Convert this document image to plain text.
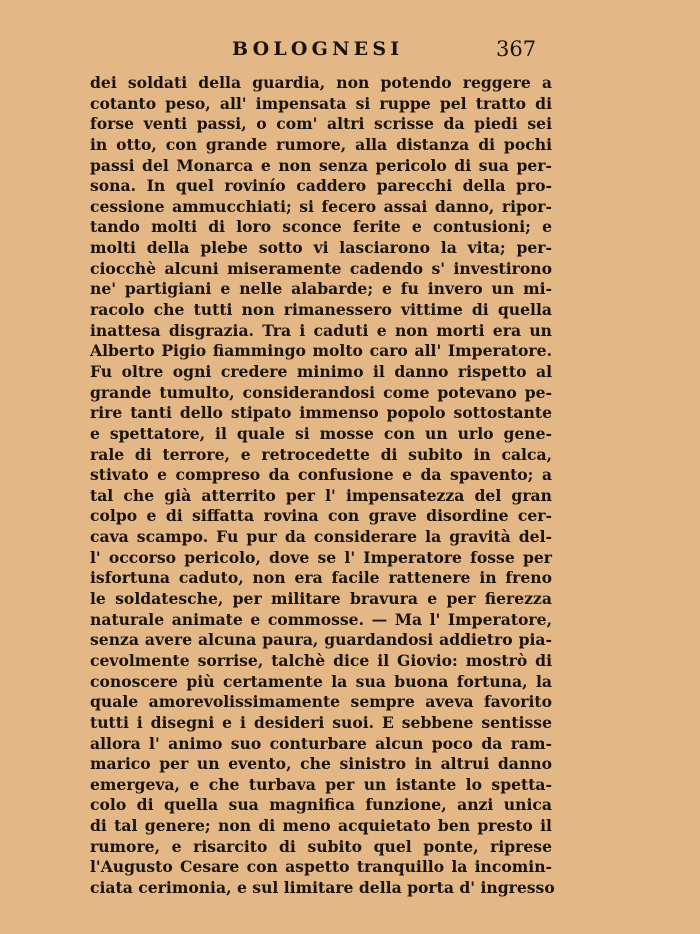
BOLOGNESI	367
dei soldati della guardia, non potendo reggere a
cotanto peso, all' impensata si ruppe pel tratto di
forse venti passi, o com' altri scrisse da piedi sei
in otto, con grande rumore, alla distanza di pochi
passi del Monarca e non senza pericolo di sua per-
sona. In quel rovinío caddero parecchi della pro-
cessione ammucchiati; si fecero assai danno, ripor-
tando molti di loro sconce ferite e contusioni; e
molti della plebe sotto vi lasciarono la vita; per-
ciocchè alcuni miseramente cadendo s' investirono
ne' partigiani e nelle alabarde; e fu invero un mi-
racolo che tutti non rimanessero vittime di quella
inattesa disgrazia. Tra i caduti e non morti era un
Alberto Pigio fiammingo molto caro all' Imperatore.
Fu oltre ogni credere minimo il danno rispetto al
grande tumulto, considerandosi come potevano pe-
rire tanti dello stipato immenso popolo sottostante
e spettatore, il quale si mosse con un urlo gene-
rale di terrore, e retrocedette di subito in calca,
stivato e compreso da confusione e da spavento; a
tal che già atterrito per l' impensatezza del gran
colpo e di siffatta rovina con grave disordine cer-
cava scampo. Fu pur da considerare la gravità del-
l' occorso pericolo, dove se l' Imperatore fosse per
isfortuna caduto, non era facile rattenere in freno
le soldatesche, per militare bravura e per fierezza
naturale animate e commosse. — Ma l' Imperatore,
senza avere alcuna paura, guardandosi addietro pia-
cevolmente sorrise, talchè dice il Giovio: mostrò di
conoscere più certamente la sua buona fortuna, la
quale amorevolissimamente sempre aveva favorito
tutti i disegni e i desideri suoi. E sebbene sentisse
allora l' animo suo conturbare alcun poco da ram-
marico per un evento, che sinistro in altrui danno
emergeva, e che turbava per un istante lo spetta-
colo di quella sua magnifica funzione, anzi unica
di tal genere; non di meno acquietato ben presto il
rumore, e risarcito di subito quel ponte, riprese
l'Augusto Cesare con aspetto tranquillo la incomin-
ciata cerimonia, e sul limitare della porta d' ingresso
